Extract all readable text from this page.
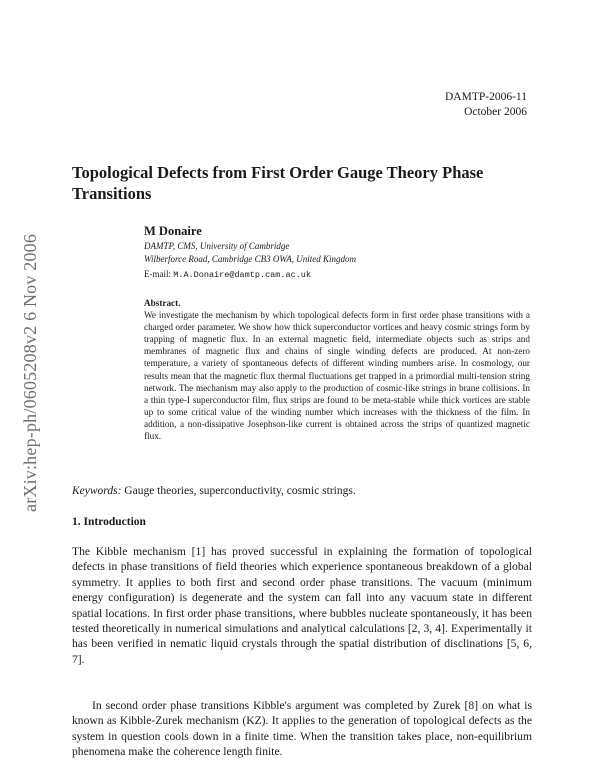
arXiv:hep-ph/0605208v2 6 Nov 2006
DAMTP-2006-11
October 2006
Topological Defects from First Order Gauge Theory Phase Transitions
M Donaire
DAMTP, CMS, University of Cambridge
Wilberforce Road, Cambridge CB3 OWA, United Kingdom
E-mail: M.A.Donaire@damtp.cam.ac.uk
Abstract.
We investigate the mechanism by which topological defects form in first order phase transitions with a charged order parameter. We show how thick superconductor vortices and heavy cosmic strings form by trapping of magnetic flux. In an external magnetic field, intermediate objects such as strips and membranes of magnetic flux and chains of single winding defects are produced. At non-zero temperature, a variety of spontaneous defects of different winding numbers arise. In cosmology, our results mean that the magnetic flux thermal fluctuations get trapped in a primordial multi-tension string network. The mechanism may also apply to the production of cosmic-like strings in brane collisions. In a thin type-I superconductor film, flux strips are found to be meta-stable while thick vortices are stable up to some critical value of the winding number which increases with the thickness of the film. In addition, a non-dissipative Josephson-like current is obtained across the strips of quantized magnetic flux.
Keywords: Gauge theories, superconductivity, cosmic strings.
1. Introduction
The Kibble mechanism [1] has proved successful in explaining the formation of topological defects in phase transitions of field theories which experience spontaneous breakdown of a global symmetry. It applies to both first and second order phase transitions. The vacuum (minimum energy configuration) is degenerate and the system can fall into any vacuum state in different spatial locations. In first order phase transitions, where bubbles nucleate spontaneously, it has been tested theoretically in numerical simulations and analytical calculations [2, 3, 4]. Experimentally it has been verified in nematic liquid crystals through the spatial distribution of disclinations [5, 6, 7].
In second order phase transitions Kibble's argument was completed by Zurek [8] on what is known as Kibble-Zurek mechanism (KZ). It applies to the generation of topological defects as the system in question cools down in a finite time. When the transition takes place, non-equilibrium phenomena make the coherence length finite.
